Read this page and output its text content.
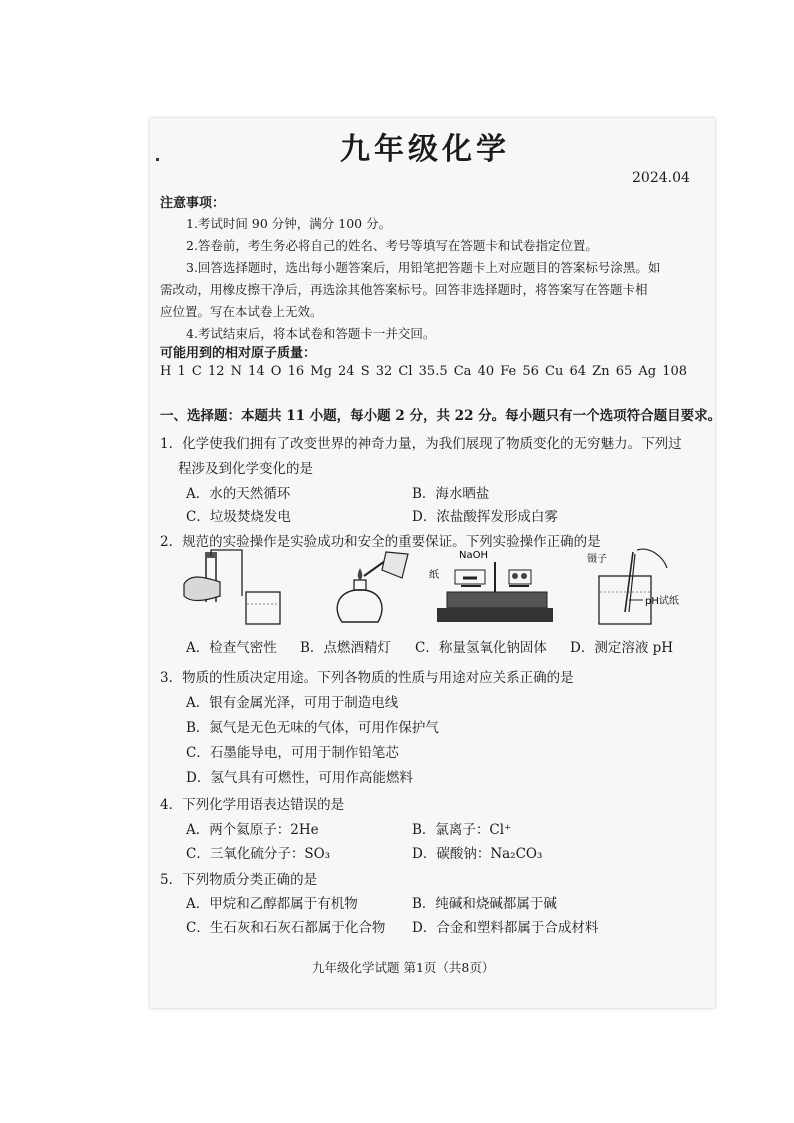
九年级化学
2024.04
注意事项：
1.考试时间 90 分钟，满分 100 分。
2.答卷前，考生务必将自己的姓名、考号等填写在答题卡和试卷指定位置。
3.回答选择题时，选出每小题答案后，用铅笔把答题卡上对应题目的答案标号涂黑。如
需改动，用橡皮擦干净后，再选涂其他答案标号。回答非选择题时，将答案写在答题卡相
应位置。写在本试卷上无效。
4.考试结束后，将本试卷和答题卡一并交回。
可能用到的相对原子质量：
H 1 C 12 N 14 O 16 Mg 24 S 32 Cl 35.5 Ca 40 Fe 56 Cu 64 Zn 65 Ag 108
一、选择题：本题共 11 小题，每小题 2 分，共 22 分。每小题只有一个选项符合题目要求。
1．化学使我们拥有了改变世界的神奇力量，为我们展现了物质变化的无穷魅力。下列过
程涉及到化学变化的是
A．水的天然循环	B．海水晒盐
C．垃圾焚烧发电	D．浓盐酸挥发形成白雾
2．规范的实验操作是实验成功和安全的重要保证。下列实验操作正确的是
NaOH
纸
镊子
pH试纸
A．检查气密性 B．点燃酒精灯 C．称量氢氧化钠固体 D．测定溶液 pH
3．物质的性质决定用途。下列各物质的性质与用途对应关系正确的是
A．银有金属光泽，可用于制造电线
B．氮气是无色无味的气体，可用作保护气
C．石墨能导电，可用于制作铅笔芯
D．氢气具有可燃性，可用作高能燃料
4．下列化学用语表达错误的是
A．两个氦原子：2He	B．氯离子：Cl⁺
C．三氧化硫分子：SO₃	D．碳酸钠：Na₂CO₃
5．下列物质分类正确的是
A．甲烷和乙醇都属于有机物	B．纯碱和烧碱都属于碱
C．生石灰和石灰石都属于化合物 D．合金和塑料都属于合成材料
九年级化学试题 第1页（共8页）
